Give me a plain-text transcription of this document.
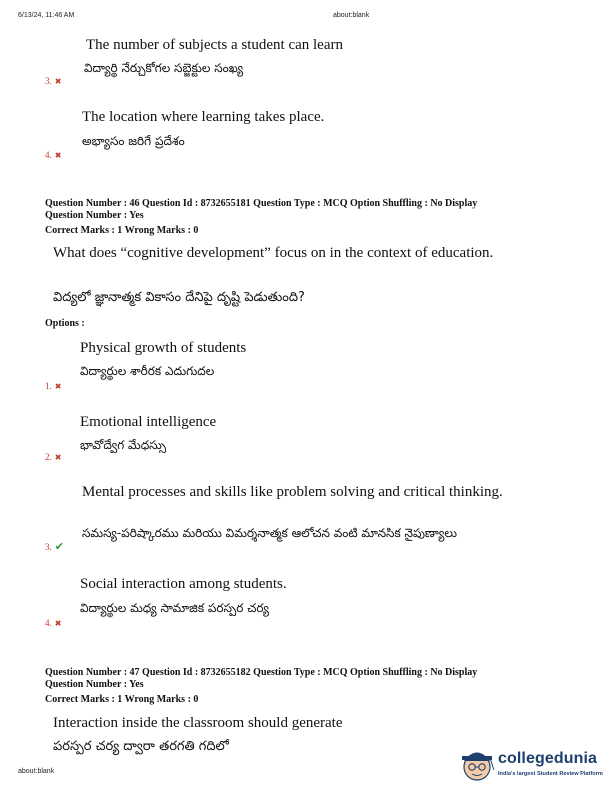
6/13/24, 11:46 AM	about:blank
The number of subjects a student can learn
విద్యార్థి నేర్చుకోగల సబ్జెక్టుల సంఖ్య
3. ✖
The location where learning takes place.
అభ్యాసం జరిగే ప్రదేశం
4. ✖
Question Number : 46 Question Id : 8732655181 Question Type : MCQ Option Shuffling : No Display
Question Number : Yes
Correct Marks : 1 Wrong Marks : 0
What does “cognitive development” focus on in the context of education.
విద్యలో జ్ఞానాత్మక వికాసం దేనిపై దృష్టి పెడుతుంది?
Options :
Physical growth of students
విద్యార్థుల శారీరక ఎదుగుదల
1. ✖
Emotional intelligence
భావోద్వేగ మేధస్సు
2. ✖
Mental processes and skills like problem solving and critical thinking.
సమస్య-పరిష్కారము మరియు విమర్శనాత్మక ఆలోచన వంటి మానసిక నైపుణ్యాలు
3. ✔
Social interaction among students.
విద్యార్థుల మధ్య సామాజిక పరస్పర చర్య
4. ✖
Question Number : 47 Question Id : 8732655182 Question Type : MCQ Option Shuffling : No Display
Question Number : Yes
Correct Marks : 1 Wrong Marks : 0
Interaction inside the classroom should generate
పరస్పర చర్య ద్వారా తరగతి గదిలో
about:blank
collegedunia
India's largest Student Review Platform
